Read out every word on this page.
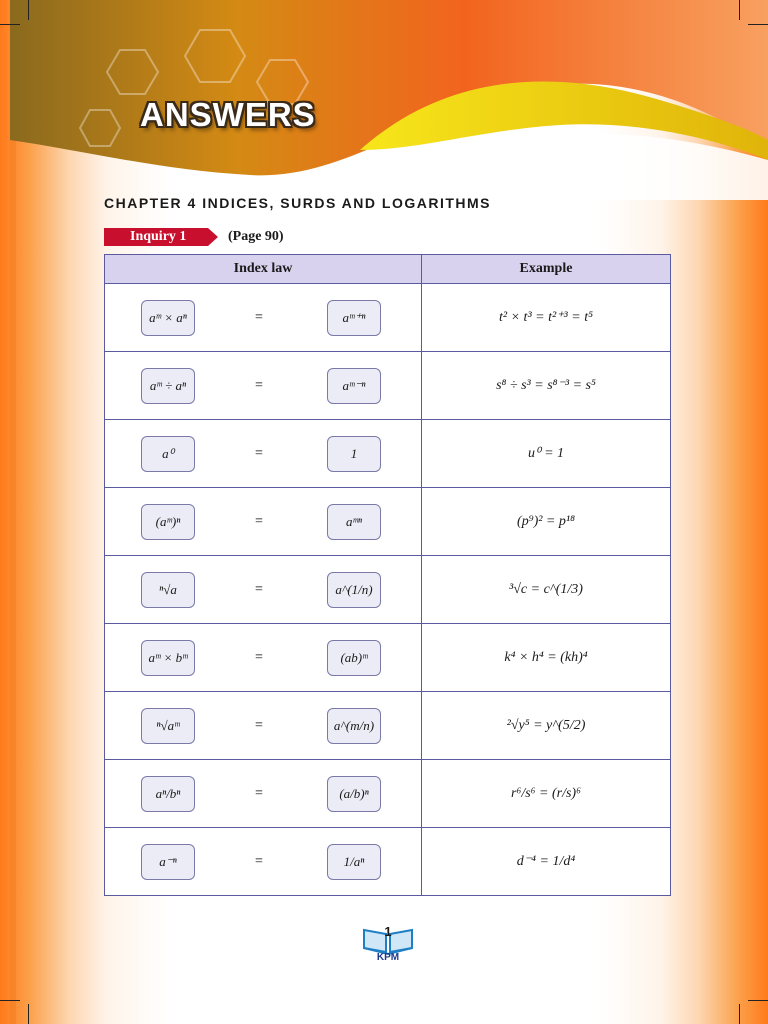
ANSWERS
CHAPTER 4 INDICES, SURDS AND LOGARITHMS
Inquiry 1	(Page 90)
Index law	Example

aᵐ × aⁿ = aᵐ⁺ⁿ	t² × t³ = t²⁺³ = t⁵

aᵐ ÷ aⁿ = aᵐ⁻ⁿ	s⁸ ÷ s³ = s⁸⁻³ = s⁵

a⁰ = 1	u⁰ = 1

(aᵐ)ⁿ = aᵐⁿ	(p⁹)² = p¹⁸

ⁿ√a = a^(1/n)	³√c = c^(1/3)

aᵐ × bᵐ = (ab)ᵐ	k⁴ × h⁴ = (kh)⁴

ⁿ√aᵐ = a^(m/n)	²√y⁵ = y^(5/2)

aⁿ/bⁿ = (a/b)ⁿ	r⁶/s⁶ = (r/s)⁶

a⁻ⁿ = 1/aⁿ	d⁻⁴ = 1/d⁴
1
KPM
